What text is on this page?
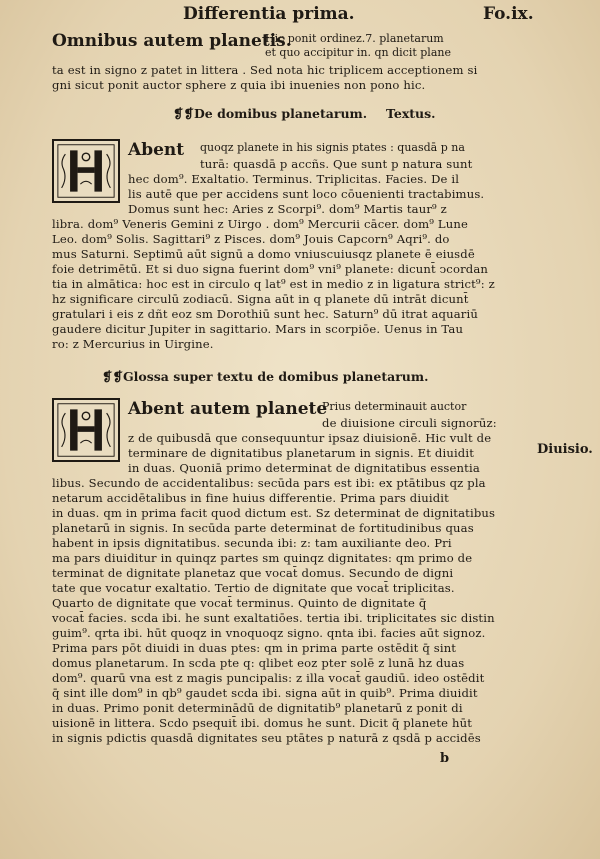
Differentia prima.	Fo.ix.
Omnibus autem planetis.
Hic ponit ordinez.7. planetarum
et quo accipitur in. qn dicit plane
ta est in signo z patet in littera . Sed nota hic triplicem acceptionem si
gni sicut ponit auctor sphere z quia ibi inuenies non pono hic.
❡❡De domibus planetarum. Textus.
Abent quoqz planete in his signis ptates : quasdā p na
turā: quasdā p accñs. Que sunt p natura sunt
hec dom⁹. Exaltatio. Terminus. Triplicitas. Facies. De il
lis autē que per accidens sunt loco cōuenienti tractabimus.
Domus sunt hec: Aries z Scorpi⁹. dom⁹ Martis taur⁹ z
libra. dom⁹ Veneris Gemini z Uirgo . dom⁹ Mercurii cācer. dom⁹ Lune
Leo. dom⁹ Solis. Sagittari⁹ z Pisces. dom⁹ Jouis Capcorn⁹ Aqri⁹. do
mus Saturni. Septimū aūt signū a domo vniuscuiusqz planete ē eiusdē
foie detrimētū. Et si duo signa fuerint dom⁹ vni⁹ planete: dicunt̄ ↄcordan
tia in almātica: hoc est in circulo q lat⁹ est in medio z in ligatura strict⁹: z
hz significare circulū zodiacū. Signa aūt in q planete dū intrāt dicunt̄
gratulari i eis z dñt eoz sm Dorothiū sunt hec. Saturn⁹ dū itrat aquariū
gaudere dicitur Jupiter in sagittario. Mars in scorpiōe. Uenus in Tau
ro: z Mercurius in Uirgine.
❡❡Glossa super textu de domibus planetarum.
Abent autem planete
Prius determinauit auctor
de diuisione circuli signorūz:
z de quibusdā que consequuntur ipsaz diuisionē. Hic vult de
terminare de dignitatibus planetarum in signis. Et diuidit
in duas. Quoniā primo determinat de dignitatibus essentia
Diuisio.
libus. Secundo de accidentalibus: secūda pars est ibi: ex ptātibus qz pla
netarum accidētalibus in fine huius differentie. Prima pars diuidit
in duas. qm in prima facit quod dictum est. Sz determinat de dignitatibus
planetarū in signis. In secūda parte determinat de fortitudinibus quas
habent in ipsis dignitatibus. secunda ibi: z: tam auxiliante deo. Pri
ma pars diuiditur in quinqz partes sm quinqz dignitates: qm primo de
terminat de dignitate planetaz que vocat̄ domus. Secundo de digni
tate que vocatur exaltatio. Tertio de dignitate que vocat̄ triplicitas.
Quarto de dignitate que vocat̄ terminus. Quinto de dignitate q̄
vocat̄ facies. scda ibi. he sunt exaltatiōes. tertia ibi. triplicitates sic distin
guim⁹. qrta ibi. hūt quoqz in vnoquoqz signo. qnta ibi. facies aūt signoz.
Prima pars pōt diuidi in duas ptes: qm in prima parte ostēdit q̄ sint
domus planetarum. In scda pte q: qlibet eoz pter solē z lunā hz duas
dom⁹. quarū vna est z magis puncipalis: z illa vocat̄ gaudiū. ideo ostēdit
q̄ sint ille dom⁹ in qb⁹ gaudet scda ibi. signa aūt in quib⁹. Prima diuidit
in duas. Primo ponit determinādū de dignitatib⁹ planetarū z ponit di
uisionē in littera. Scdo psequit̄ ibi. domus he sunt. Dicit q̄ planete hūt
in signis pdictis quasdā dignitates seu ptātes p naturā z qsdā p accidēs
b
